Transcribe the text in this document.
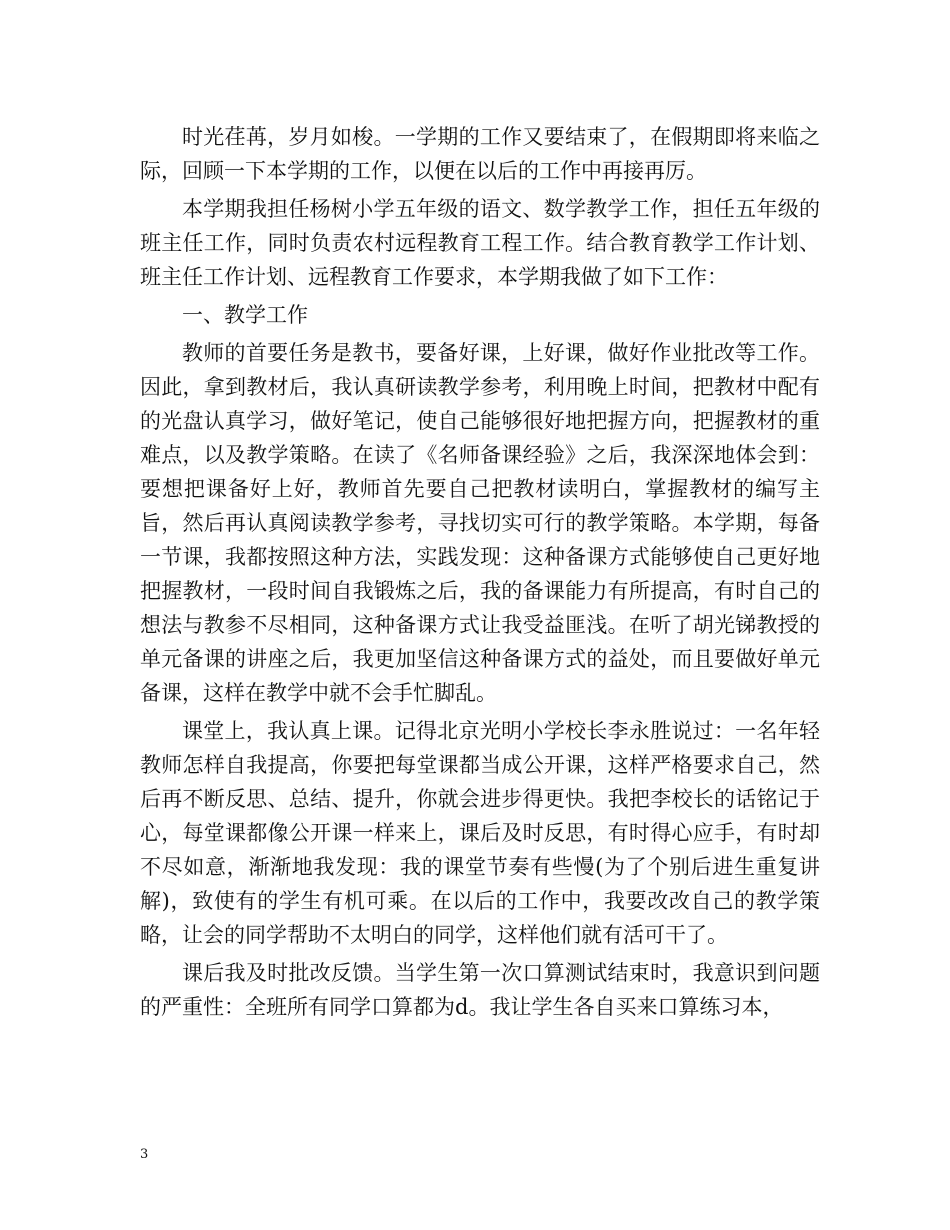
时光荏苒，岁月如梭。一学期的工作又要结束了，在假期即将来临之际，回顾一下本学期的工作，以便在以后的工作中再接再厉。

本学期我担任杨树小学五年级的语文、数学教学工作，担任五年级的班主任工作，同时负责农村远程教育工程工作。结合教育教学工作计划、班主任工作计划、远程教育工作要求，本学期我做了如下工作：

一、教学工作

教师的首要任务是教书，要备好课，上好课，做好作业批改等工作。因此，拿到教材后，我认真研读教学参考，利用晚上时间，把教材中配有的光盘认真学习，做好笔记，使自己能够很好地把握方向，把握教材的重难点，以及教学策略。在读了《名师备课经验》之后，我深深地体会到：要想把课备好上好，教师首先要自己把教材读明白，掌握教材的编写主旨，然后再认真阅读教学参考，寻找切实可行的教学策略。本学期，每备一节课，我都按照这种方法，实践发现：这种备课方式能够使自己更好地把握教材，一段时间自我锻炼之后，我的备课能力有所提高，有时自己的想法与教参不尽相同，这种备课方式让我受益匪浅。在听了胡光锑教授的单元备课的讲座之后，我更加坚信这种备课方式的益处，而且要做好单元备课，这样在教学中就不会手忙脚乱。

课堂上，我认真上课。记得北京光明小学校长李永胜说过：一名年轻教师怎样自我提高，你要把每堂课都当成公开课，这样严格要求自己，然后再不断反思、总结、提升，你就会进步得更快。我把李校长的话铭记于心，每堂课都像公开课一样来上，课后及时反思，有时得心应手，有时却不尽如意，渐渐地我发现：我的课堂节奏有些慢(为了个别后进生重复讲解)，致使有的学生有机可乘。在以后的工作中，我要改改自己的教学策略，让会的同学帮助不太明白的同学，这样他们就有活可干了。

课后我及时批改反馈。当学生第一次口算测试结束时，我意识到问题的严重性：全班所有同学口算都为d。我让学生各自买来口算练习本，

3
